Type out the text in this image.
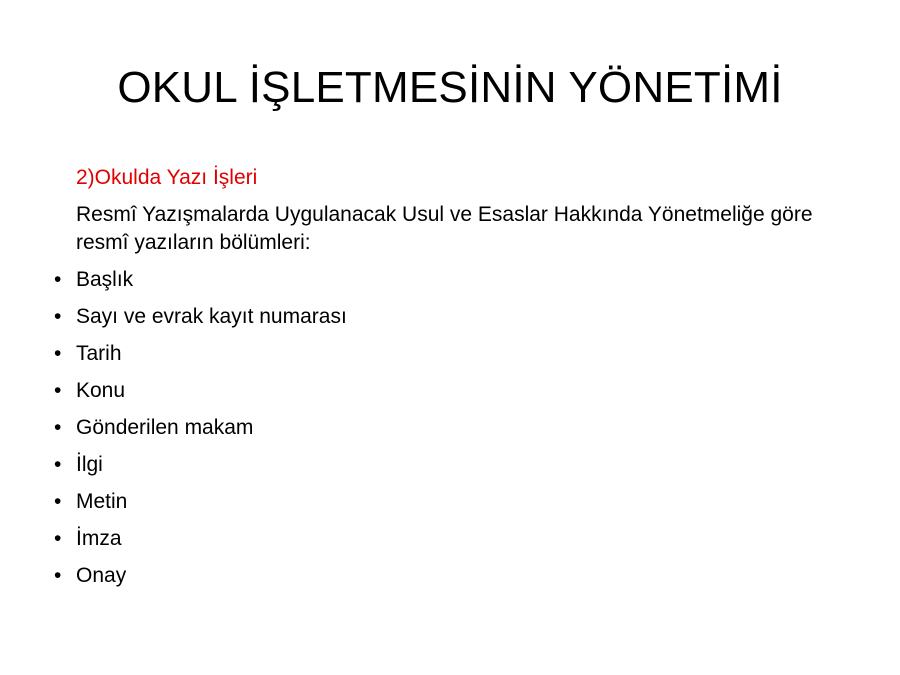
OKUL İŞLETMESİNİN YÖNETİMİ

2)Okulda Yazı İşleri

Resmî Yazışmalarda Uygulanacak Usul ve Esaslar Hakkında Yönetmeliğe göre resmî yazıların bölümleri:

• Başlık
• Sayı ve evrak kayıt numarası
• Tarih
• Konu
• Gönderilen makam
• İlgi
• Metin
• İmza
• Onay
